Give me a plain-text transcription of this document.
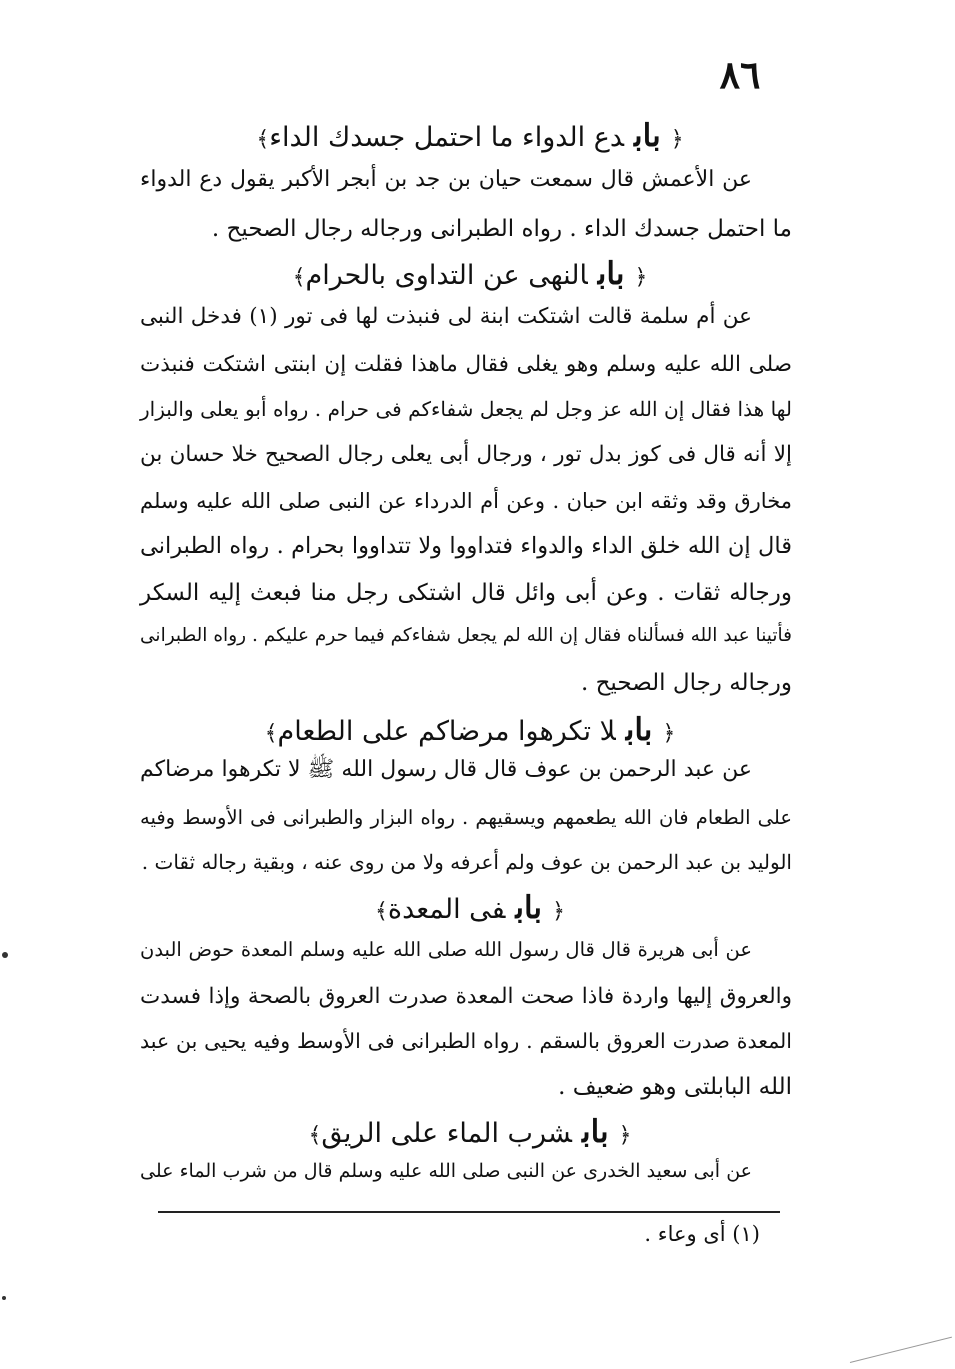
٨٦
﴿بابدع الدواء ما احتمل جسدك الداء﴾
عن الأعمش قال سمعت حيان بن جد بن أبجر الأكبر يقول دع الدواء
ما احتمل جسدك الداء . رواه الطبرانى ورجاله رجال الصحيح .
﴿بابالنهى عن التداوى بالحرام﴾
عن أم سلمة قالت اشتكت ابنة لى فنبذت لها فى تور (١) فدخل النبى
صلى الله عليه وسلم وهو يغلى فقال ماهذا فقلت إن ابنتى اشتكت فنبذت
لها هذا فقال إن الله عز وجل لم يجعل شفاءكم فى حرام . رواه أبو يعلى والبزار
إلا أنه قال فى كوز بدل تور ، ورجال أبى يعلى رجال الصحيح خلا حسان بن
مخارق وقد وثقه ابن حبان . وعن أم الدرداء عن النبى صلى الله عليه وسلم
قال إن الله خلق الداء والدواء فتداووا ولا تتداووا بحرام . رواه الطبرانى
ورجاله ثقات . وعن أبى وائل قال اشتكى رجل منا فبعث إليه السكر
فأتينا عبد الله فسألناه فقال إن الله لم يجعل شفاءكم فيما حرم عليكم . رواه الطبرانى
ورجاله رجال الصحيح .
﴿بابلا تكرهوا مرضاكم على الطعام﴾
عن عبد الرحمن بن عوف قال قال رسول الله ﷺ لا تكرهوا مرضاكم
على الطعام فان الله يطعمهم ويسقيهم . رواه البزار والطبرانى فى الأوسط وفيه
الوليد بن عبد الرحمن بن عوف ولم أعرفه ولا من روى عنه ، وبقية رجاله ثقات .
﴿بابفى المعدة﴾
عن أبى هريرة قال قال رسول الله صلى الله عليه وسلم المعدة حوض البدن
والعروق إليها واردة فاذا صحت المعدة صدرت العروق بالصحة وإذا فسدت
المعدة صدرت العروق بالسقم . رواه الطبرانى فى الأوسط وفيه يحيى بن عبد
الله البابلتى وهو ضعيف .
﴿بابشرب الماء على الريق﴾
عن أبى سعيد الخدرى عن النبى صلى الله عليه وسلم قال من شرب الماء على
(١) أى وعاء .
